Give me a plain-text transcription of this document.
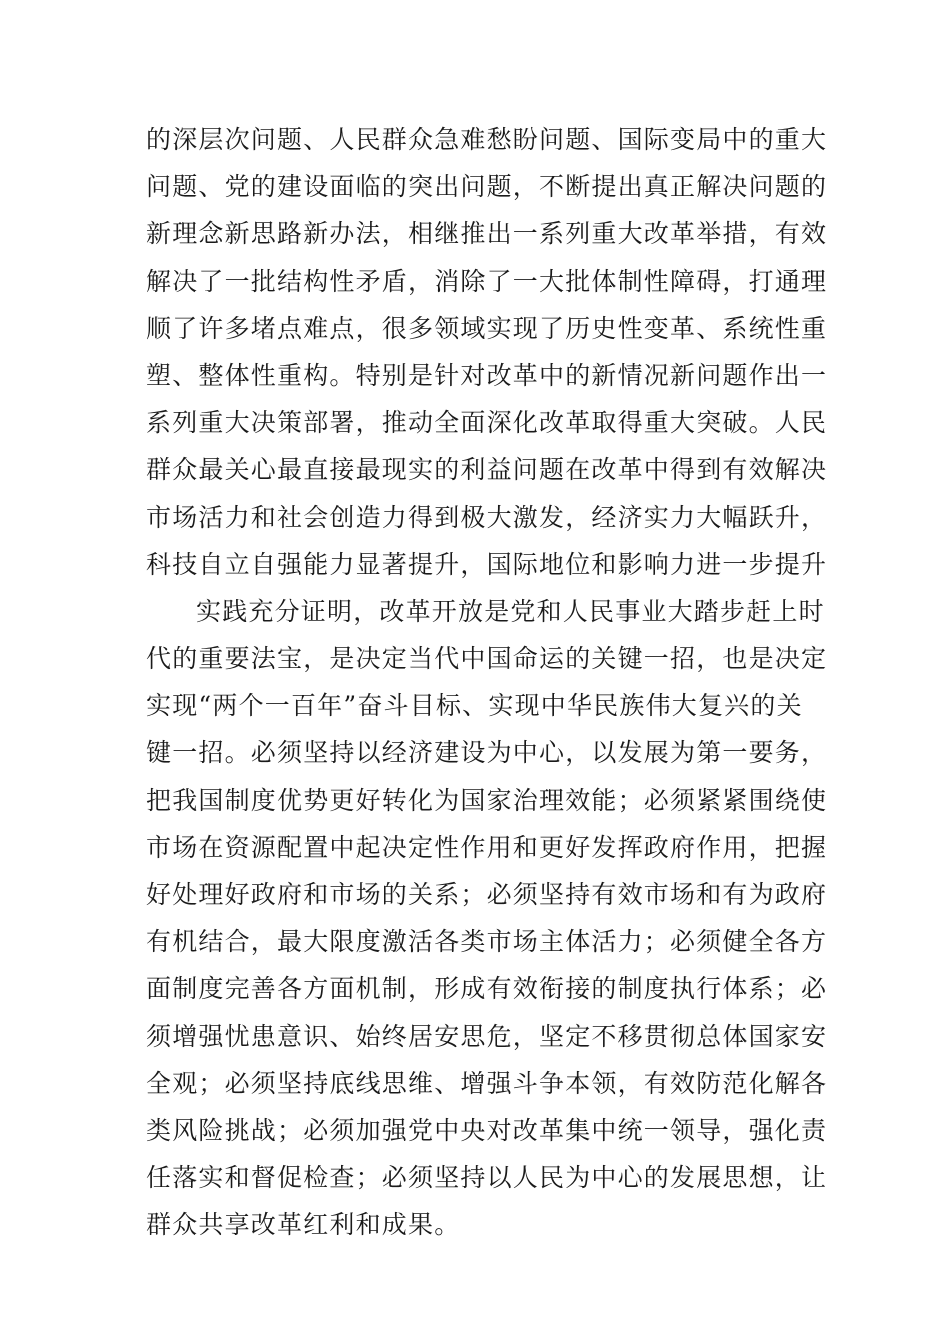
的深层次问题、人民群众急难愁盼问题、国际变局中的重大
问题、党的建设面临的突出问题，不断提出真正解决问题的
新理念新思路新办法，相继推出一系列重大改革举措，有效
解决了一批结构性矛盾，消除了一大批体制性障碍，打通理
顺了许多堵点难点，很多领域实现了历史性变革、系统性重
塑、整体性重构。特别是针对改革中的新情况新问题作出一
系列重大决策部署，推动全面深化改革取得重大突破。人民
群众最关心最直接最现实的利益问题在改革中得到有效解决
市场活力和社会创造力得到极大激发，经济实力大幅跃升，
科技自立自强能力显著提升，国际地位和影响力进一步提升
实践充分证明，改革开放是党和人民事业大踏步赶上时
代的重要法宝，是决定当代中国命运的关键一招，也是决定
实现“两个一百年”奋斗目标、实现中华民族伟大复兴的关
键一招。必须坚持以经济建设为中心，以发展为第一要务，
把我国制度优势更好转化为国家治理效能；必须紧紧围绕使
市场在资源配置中起决定性作用和更好发挥政府作用，把握
好处理好政府和市场的关系；必须坚持有效市场和有为政府
有机结合，最大限度激活各类市场主体活力；必须健全各方
面制度完善各方面机制，形成有效衔接的制度执行体系；必
须增强忧患意识、始终居安思危，坚定不移贯彻总体国家安
全观；必须坚持底线思维、增强斗争本领，有效防范化解各
类风险挑战；必须加强党中央对改革集中统一领导，强化责
任落实和督促检查；必须坚持以人民为中心的发展思想，让
群众共享改革红利和成果。
